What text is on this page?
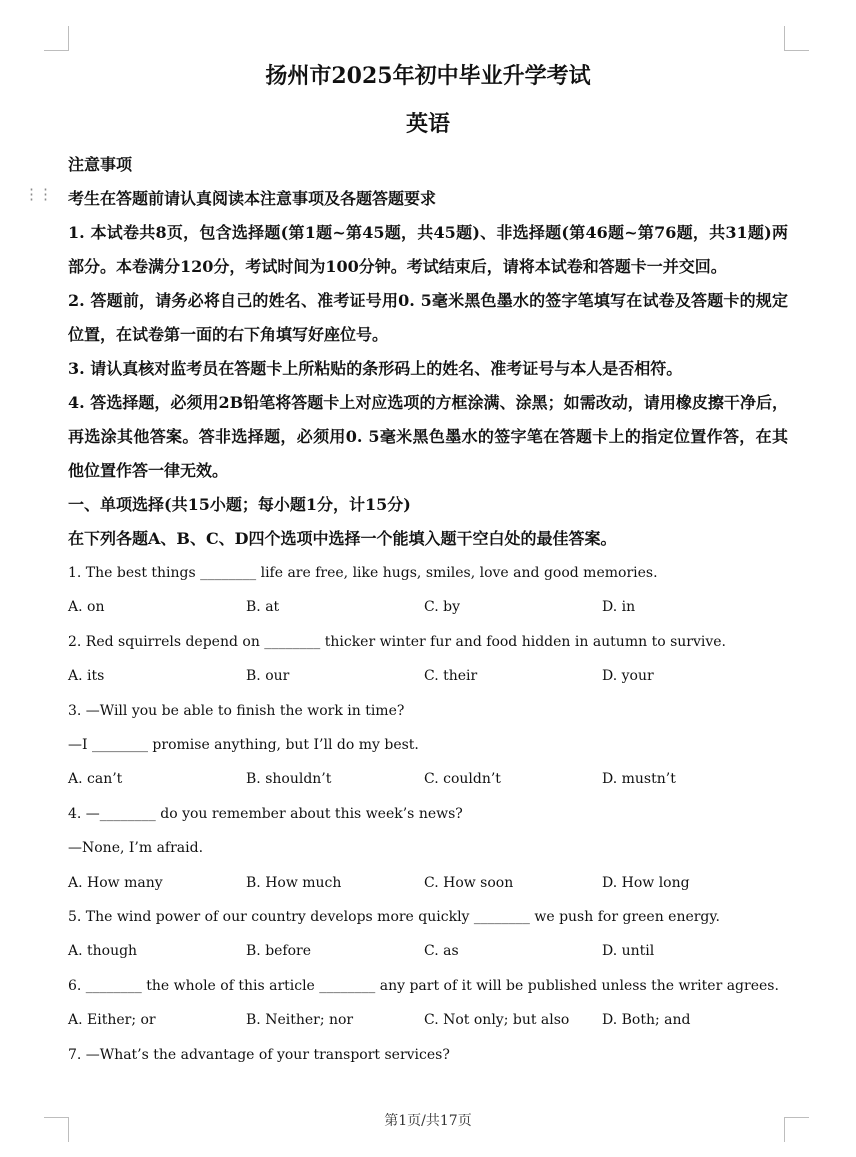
⋮⋮
扬州市2025年初中毕业升学考试
英语
注意事项
考生在答题前请认真阅读本注意事项及各题答题要求
1. 本试卷共8页，包含选择题(第1题~第45题，共45题)、非选择题(第46题~第76题，共31题)两部分。本卷满分120分，考试时间为100分钟。考试结束后，请将本试卷和答题卡一并交回。
2. 答题前，请务必将自己的姓名、准考证号用0. 5毫米黑色墨水的签字笔填写在试卷及答题卡的规定位置，在试卷第一面的右下角填写好座位号。
3. 请认真核对监考员在答题卡上所粘贴的条形码上的姓名、准考证号与本人是否相符。
4. 答选择题，必须用2B铅笔将答题卡上对应选项的方框涂满、涂黑；如需改动，请用橡皮擦干净后，再选涂其他答案。答非选择题，必须用0. 5毫米黑色墨水的签字笔在答题卡上的指定位置作答，在其他位置作答一律无效。
一、单项选择(共15小题；每小题1分，计15分)
在下列各题A、B、C、D四个选项中选择一个能填入题干空白处的最佳答案。
1. The best things ________ life are free, like hugs, smiles, love and good memories.
A. on	B. at	C. by	D. in
2. Red squirrels depend on ________ thicker winter fur and food hidden in autumn to survive.
A. its	B. our	C. their	D. your
3. —Will you be able to finish the work in time?
—I ________ promise anything, but I’ll do my best.
A. can’t	B. shouldn’t	C. couldn’t	D. mustn’t
4. —________ do you remember about this week’s news?
—None, I’m afraid.
A. How many	B. How much	C. How soon	D. How long
5. The wind power of our country develops more quickly ________ we push for green energy.
A. though	B. before	C. as	D. until
6. ________ the whole of this article ________ any part of it will be published unless the writer agrees.
A. Either; or	B. Neither; nor	C. Not only; but also	D. Both; and
7. —What’s the advantage of your transport services?
第1页/共17页
